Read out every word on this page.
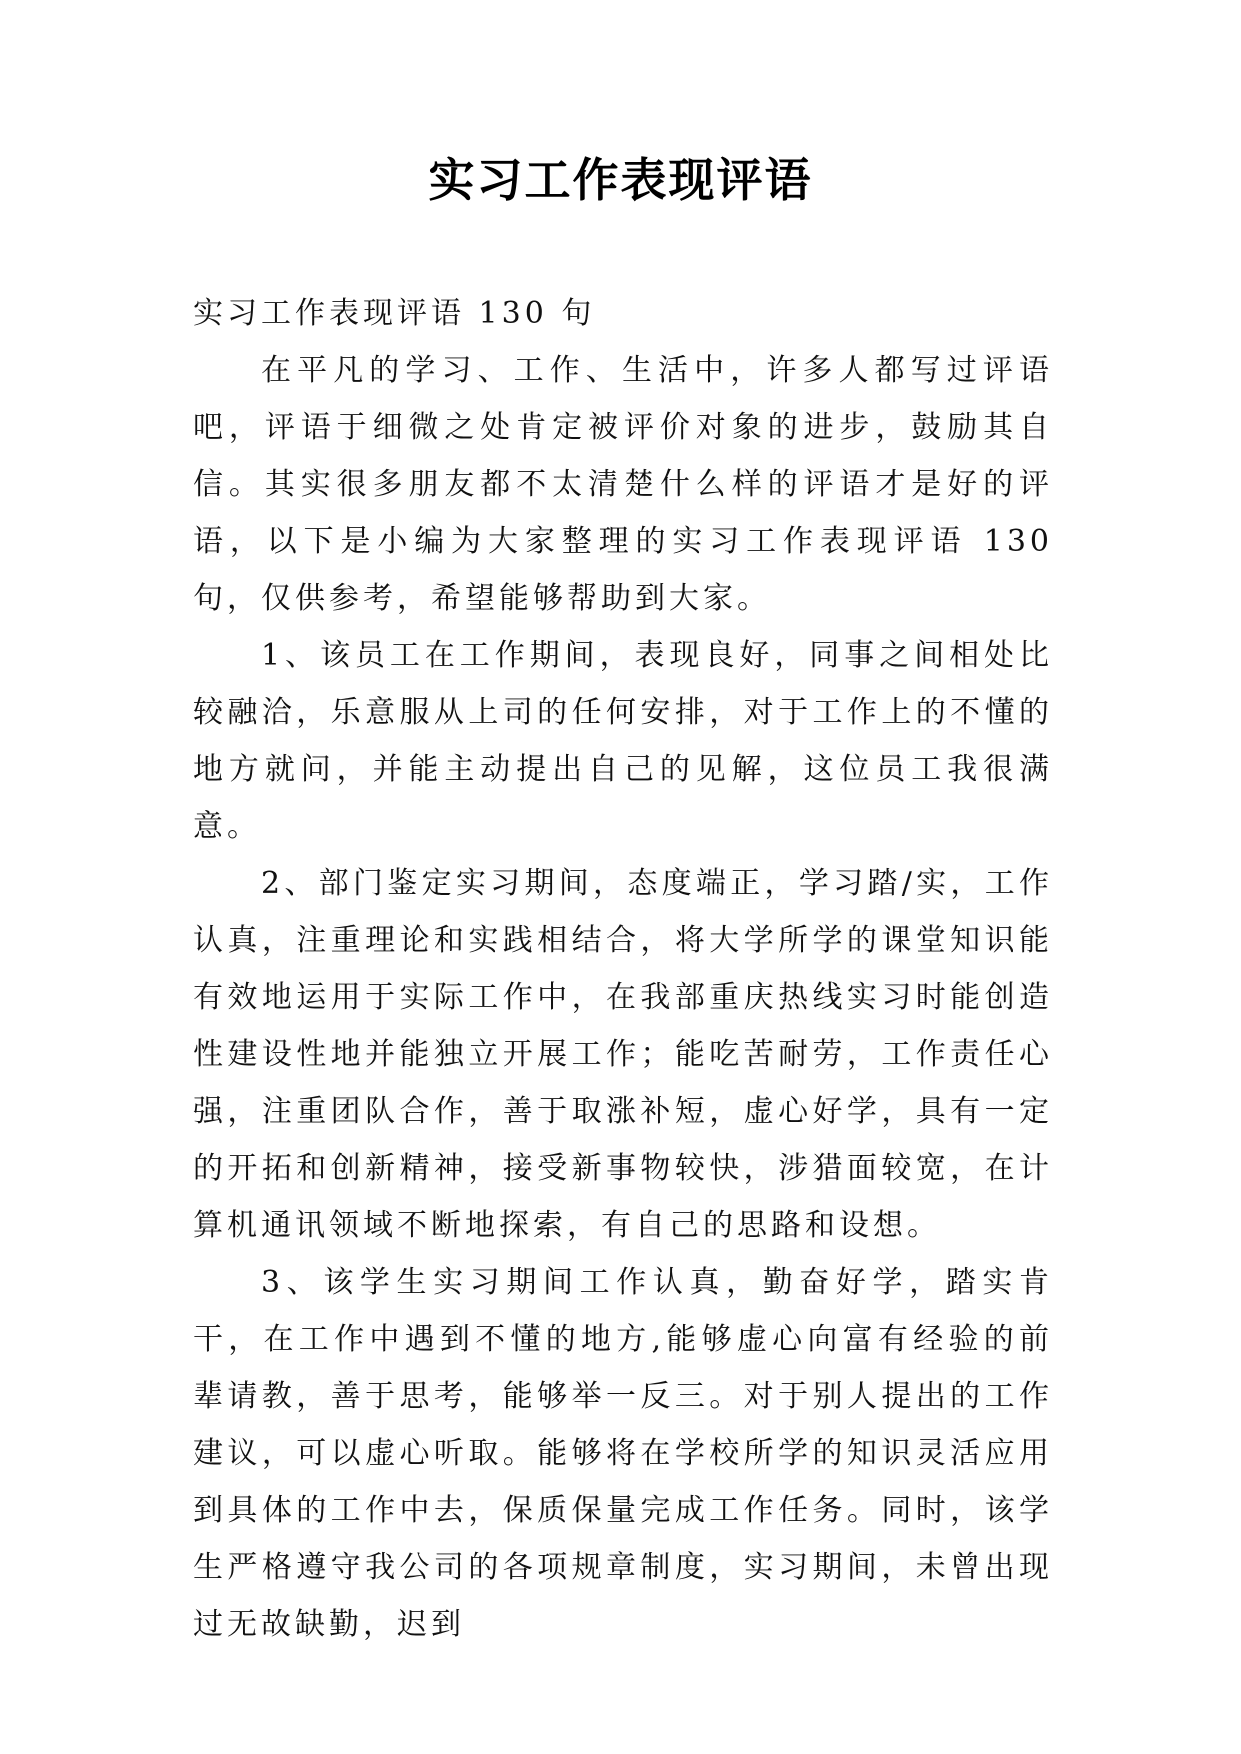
实习工作表现评语

实习工作表现评语 130 句

在平凡的学习、工作、生活中，许多人都写过评语吧，评语于细微之处肯定被评价对象的进步，鼓励其自信。其实很多朋友都不太清楚什么样的评语才是好的评语，以下是小编为大家整理的实习工作表现评语 130 句，仅供参考，希望能够帮助到大家。

1、该员工在工作期间，表现良好，同事之间相处比较融洽，乐意服从上司的任何安排，对于工作上的不懂的地方就问，并能主动提出自己的见解，这位员工我很满意。

2、部门鉴定实习期间，态度端正，学习踏/实，工作认真，注重理论和实践相结合，将大学所学的课堂知识能有效地运用于实际工作中，在我部重庆热线实习时能创造性建设性地并能独立开展工作；能吃苦耐劳，工作责任心强，注重团队合作，善于取涨补短，虚心好学，具有一定的开拓和创新精神，接受新事物较快，涉猎面较宽，在计算机通讯领域不断地探索，有自己的思路和设想。

3、该学生实习期间工作认真，勤奋好学，踏实肯干，在工作中遇到不懂的地方,能够虚心向富有经验的前辈请教，善于思考，能够举一反三。对于别人提出的工作建议，可以虚心听取。能够将在学校所学的知识灵活应用到具体的工作中去，保质保量完成工作任务。同时，该学生严格遵守我公司的各项规章制度，实习期间，未曾出现过无故缺勤，迟到
